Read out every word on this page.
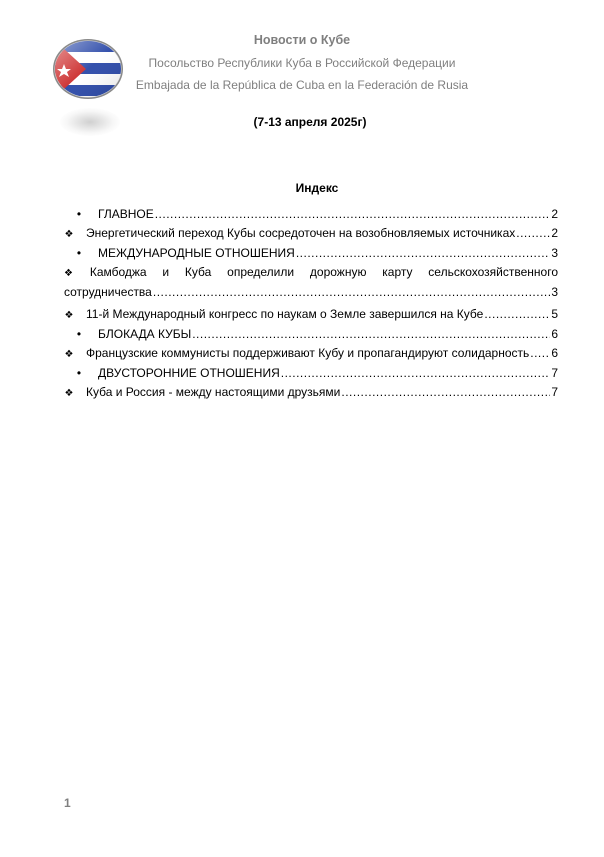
Новости о Кубе
Посольство Республики Куба в Российской Федерации
Embajada de la República de Cuba en la Federación de Rusia
(7-13 апреля 2025г)
Индекс
•
ГЛАВНОЕ .....	2
❖
Энергетический переход Кубы сосредоточен на возобновляемых источниках .....	2
•
МЕЖДУНАРОДНЫЕ ОТНОШЕНИЯ .....	3
❖ Камбоджа и Куба определили дорожную карту сельскохозяйственного
сотрудничества .....	3
❖
11-й Международный конгресс по наукам о Земле завершился на Кубе .....	5
•
БЛОКАДА КУБЫ .....	6
❖
Французские коммунисты поддерживают Кубу и пропагандируют солидарность ..... 6
•
ДВУСТОРОННИЕ ОТНОШЕНИЯ .....	7
❖
Куба и Россия - между настоящими друзьями .....	7
1
